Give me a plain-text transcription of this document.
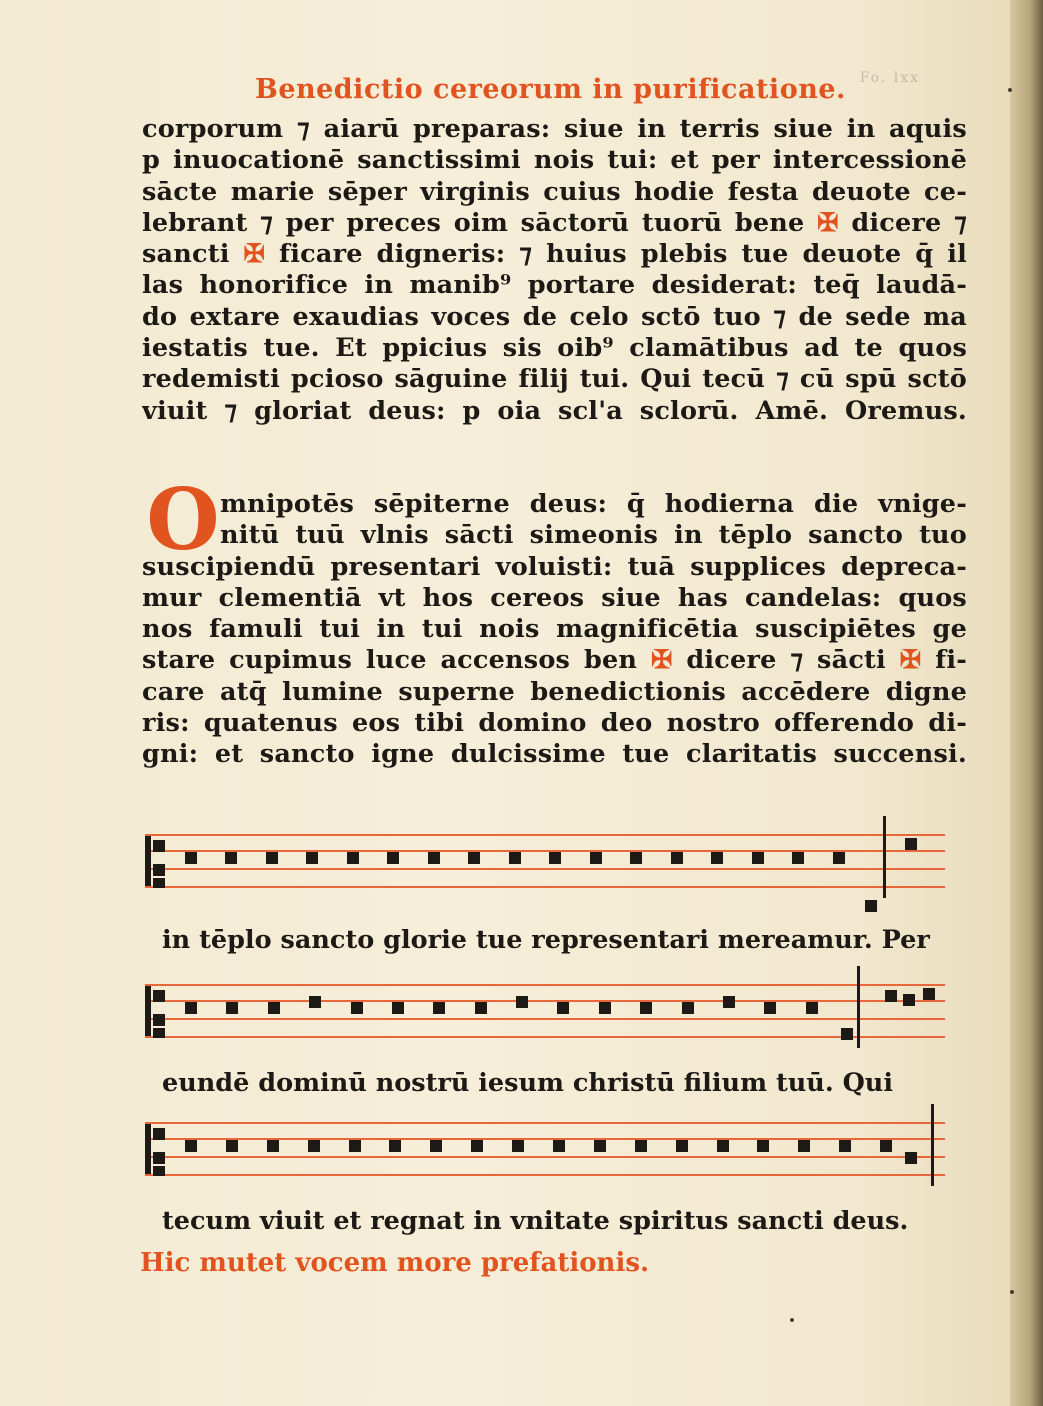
Fo. lxx
Benedictio cereorum in purificatione.
corporum ⁊ aiarū preparas: siue in terris siue in aquis
p inuocationē sanctissimi nois tui: et per intercessionē
sācte marie sēper virginis cuius hodie festa deuote ce-
lebrant ⁊ per preces oim sāctorū tuorū bene ✠ dicere ⁊
sancti ✠ ficare digneris: ⁊ huius plebis tue deuote q̄ il
las honorifice in manib⁹ portare desiderat: teq̄ laudā-
do extare exaudias voces de celo sctō tuo ⁊ de sede ma
iestatis tue. Et ppicius sis oib⁹ clamātibus ad te quos
redemisti pcioso sāguine filij tui. Qui tecū ⁊ cū spū sctō
viuit ⁊ gloriat deus: p oia scl'a sclorū. Amē. Oremus.
O mnipotēs sēpiterne deus: q̄ hodierna die vnige-
nitū tuū vlnis sācti simeonis in tēplo sancto tuo
suscipiendū presentari voluisti: tuā supplices depreca-
mur clementiā vt hos cereos siue has candelas: quos
nos famuli tui in tui nois magnificētia suscipiētes ge
stare cupimus luce accensos ben ✠ dicere ⁊ sācti ✠ fi-
care atq̄ lumine superne benedictionis accēdere digne
ris: quatenus eos tibi domino deo nostro offerendo di-
gni: et sancto igne dulcissime tue claritatis succensi.
in tēplo sancto glorie tue representari mereamur. Per
eundē dominū nostrū iesum christū filium tuū. Qui
tecum viuit et regnat in vnitate spiritus sancti deus.
Hic mutet vocem more prefationis.
